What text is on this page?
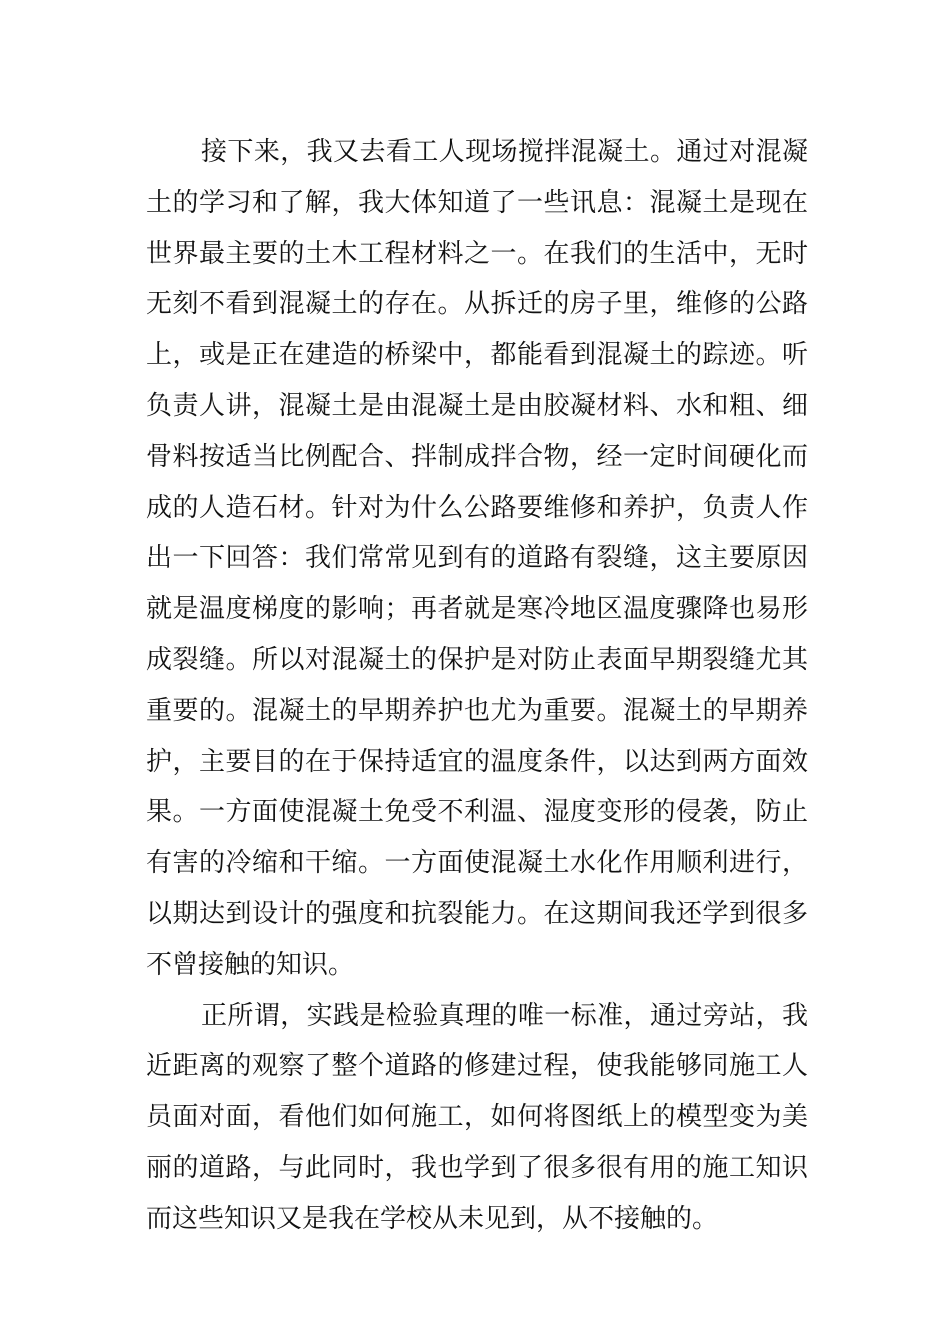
接下来，我又去看工人现场搅拌混凝土。通过对混凝
土的学习和了解，我大体知道了一些讯息：混凝土是现在
世界最主要的土木工程材料之一。在我们的生活中，无时
无刻不看到混凝土的存在。从拆迁的房子里，维修的公路
上，或是正在建造的桥梁中，都能看到混凝土的踪迹。听
负责人讲，混凝土是由混凝土是由胶凝材料、水和粗、细
骨料按适当比例配合、拌制成拌合物，经一定时间硬化而
成的人造石材。针对为什么公路要维修和养护，负责人作
出一下回答：我们常常见到有的道路有裂缝，这主要原因
就是温度梯度的影响；再者就是寒冷地区温度骤降也易形
成裂缝。所以对混凝土的保护是对防止表面早期裂缝尤其
重要的。混凝土的早期养护也尤为重要。混凝土的早期养
护，主要目的在于保持适宜的温度条件，以达到两方面效
果。一方面使混凝土免受不利温、湿度变形的侵袭，防止
有害的冷缩和干缩。一方面使混凝土水化作用顺利进行，
以期达到设计的强度和抗裂能力。在这期间我还学到很多
不曾接触的知识。
正所谓，实践是检验真理的唯一标准，通过旁站，我
近距离的观察了整个道路的修建过程，使我能够同施工人
员面对面，看他们如何施工，如何将图纸上的模型变为美
丽的道路，与此同时，我也学到了很多很有用的施工知识
而这些知识又是我在学校从未见到，从不接触的。
